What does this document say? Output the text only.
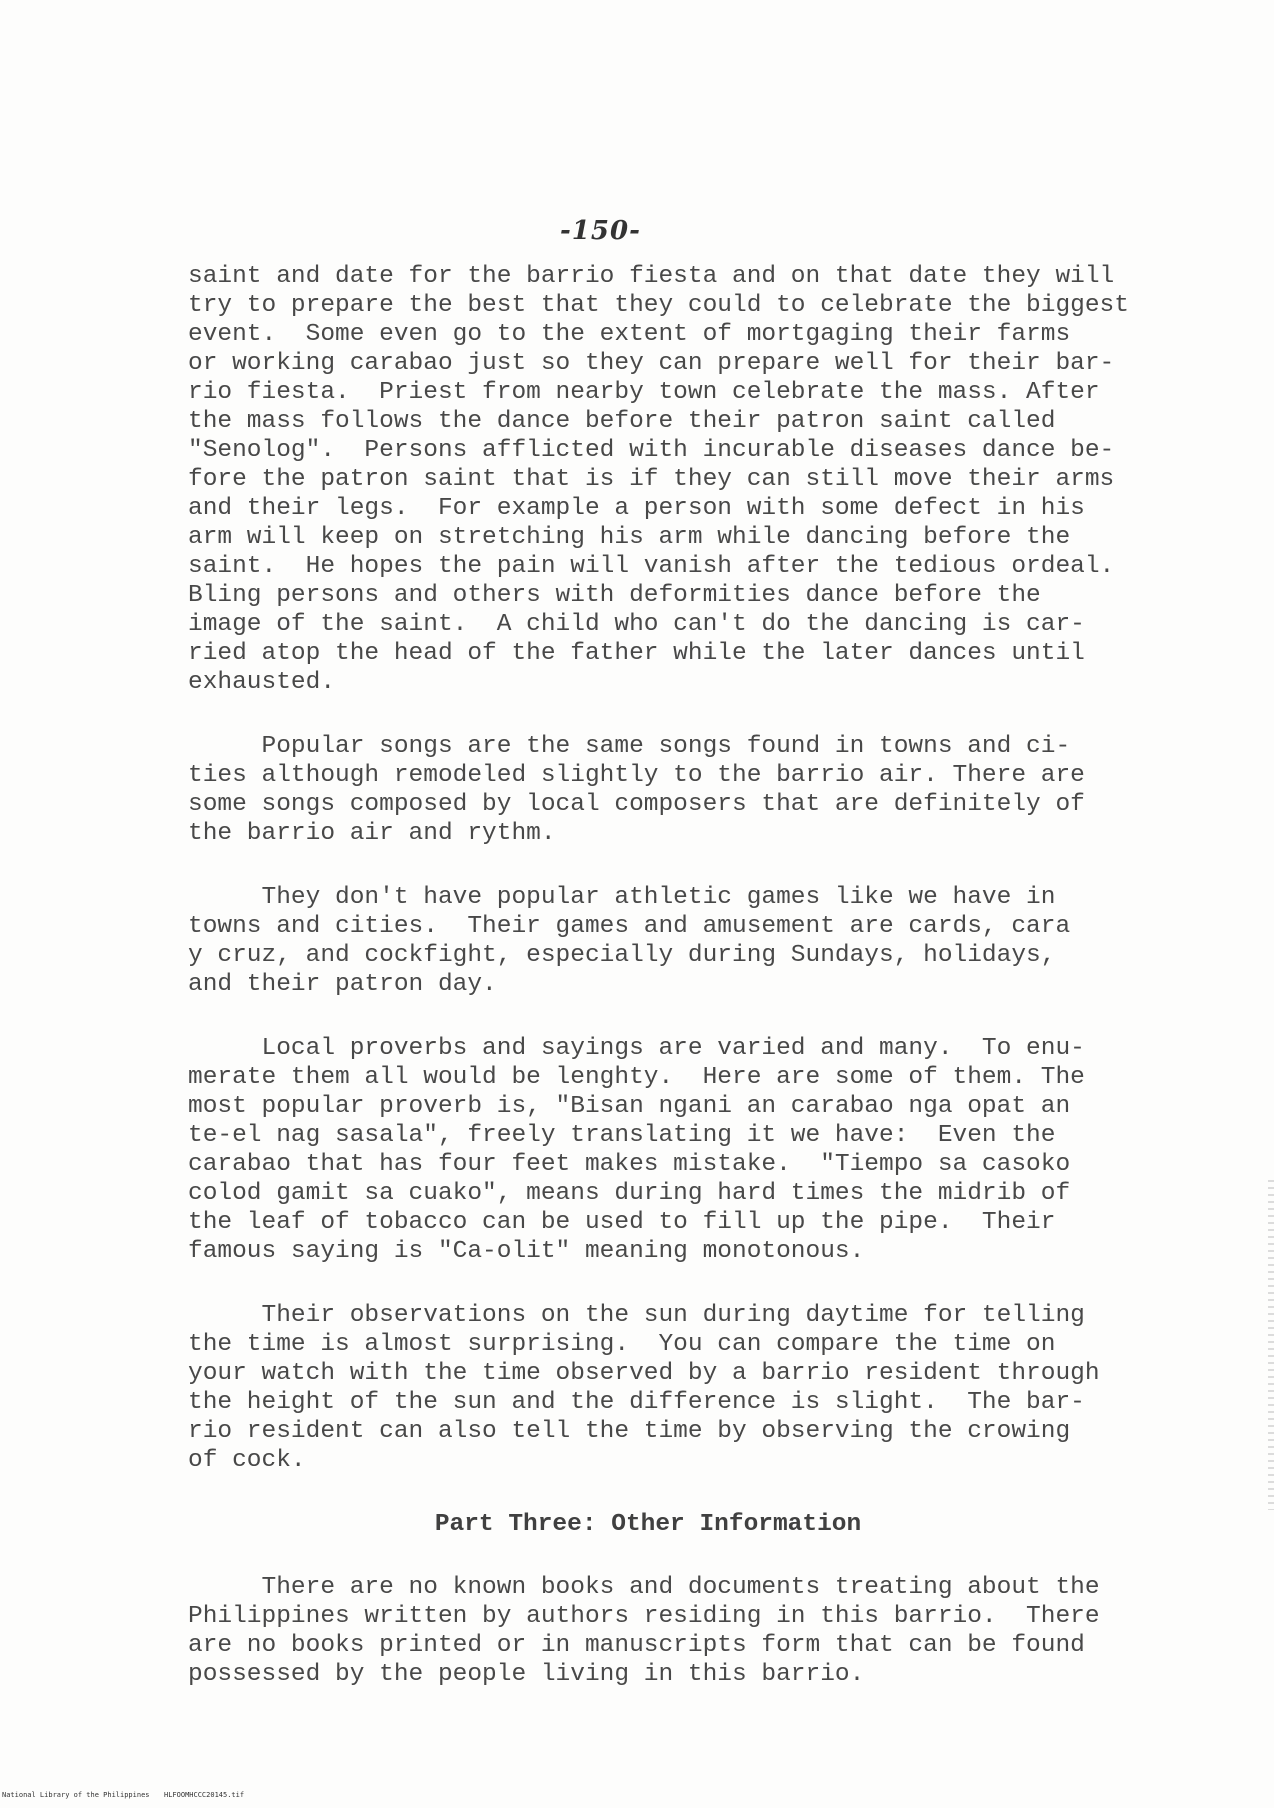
-150-
saint and date for the barrio fiesta and on that date they will
try to prepare the best that they could to celebrate the biggest
event.  Some even go to the extent of mortgaging their farms
or working carabao just so they can prepare well for their bar-
rio fiesta.  Priest from nearby town celebrate the mass. After
the mass follows the dance before their patron saint called
"Senolog".  Persons afflicted with incurable diseases dance be-
fore the patron saint that is if they can still move their arms
and their legs.  For example a person with some defect in his
arm will keep on stretching his arm while dancing before the
saint.  He hopes the pain will vanish after the tedious ordeal.
Bling persons and others with deformities dance before the
image of the saint.  A child who can't do the dancing is car-
ried atop the head of the father while the later dances until
exhausted.
Popular songs are the same songs found in towns and ci-
ties although remodeled slightly to the barrio air. There are
some songs composed by local composers that are definitely of
the barrio air and rythm.
They don't have popular athletic games like we have in
towns and cities.  Their games and amusement are cards, cara
y cruz, and cockfight, especially during Sundays, holidays,
and their patron day.
Local proverbs and sayings are varied and many.  To enu-
merate them all would be lenghty.  Here are some of them. The
most popular proverb is, "Bisan ngani an carabao nga opat an
te-el nag sasala", freely translating it we have:  Even the
carabao that has four feet makes mistake.  "Tiempo sa casoko
colod gamit sa cuako", means during hard times the midrib of
the leaf of tobacco can be used to fill up the pipe.  Their
famous saying is "Ca-olit" meaning monotonous.
Their observations on the sun during daytime for telling
the time is almost surprising.  You can compare the time on
your watch with the time observed by a barrio resident through
the height of the sun and the difference is slight.  The bar-
rio resident can also tell the time by observing the crowing
of cock.
Part Three: Other Information
There are no known books and documents treating about the
Philippines written by authors residing in this barrio.  There
are no books printed or in manuscripts form that can be found
possessed by the people living in this barrio.
National Library of the Philippines HLFOOMHCCC20145.tif
